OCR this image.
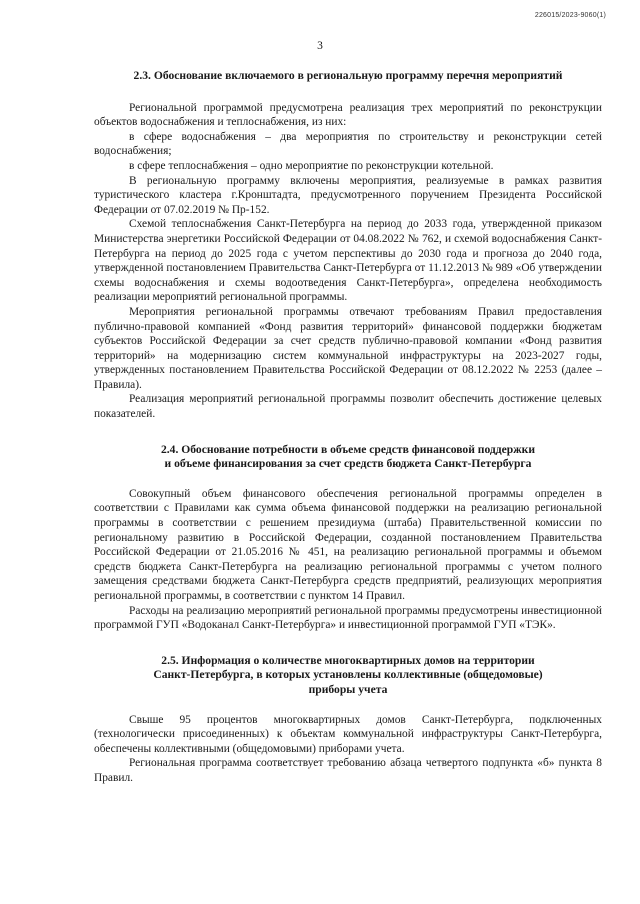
226015/2023-9060(1)
3
2.3. Обоснование включаемого в региональную программу перечня мероприятий

Региональной программой предусмотрена реализация трех мероприятий по реконструкции объектов водоснабжения и теплоснабжения, из них:

в сфере водоснабжения – два мероприятия по строительству и реконструкции сетей водоснабжения;

в сфере теплоснабжения – одно мероприятие по реконструкции котельной.

В региональную программу включены мероприятия, реализуемые в рамках развития туристического кластера г.Кронштадта, предусмотренного поручением Президента Российской Федерации от 07.02.2019 № Пр-152.

Схемой теплоснабжения Санкт-Петербурга на период до 2033 года, утвержденной приказом Министерства энергетики Российской Федерации от 04.08.2022 № 762, и схемой водоснабжения Санкт-Петербурга на период до 2025 года с учетом перспективы до 2030 года и прогноза до 2040 года, утвержденной постановлением Правительства Санкт-Петербурга от 11.12.2013 № 989 «Об утверждении схемы водоснабжения и схемы водоотведения Санкт-Петербурга», определена необходимость реализации мероприятий региональной программы.

Мероприятия региональной программы отвечают требованиям Правил предоставления публично-правовой компанией «Фонд развития территорий» финансовой поддержки бюджетам субъектов Российской Федерации за счет средств публично-правовой компании «Фонд развития территорий» на модернизацию систем коммунальной инфраструктуры на 2023-2027 годы, утвержденных постановлением Правительства Российской Федерации от 08.12.2022 № 2253 (далее – Правила).

Реализация мероприятий региональной программы позволит обеспечить достижение целевых показателей.

2.4. Обоснование потребности в объеме средств финансовой поддержки
и объеме финансирования за счет средств бюджета Санкт-Петербурга

Совокупный объем финансового обеспечения региональной программы определен в соответствии с Правилами как сумма объема финансовой поддержки на реализацию региональной программы в соответствии с решением президиума (штаба) Правительственной комиссии по региональному развитию в Российской Федерации, созданной постановлением Правительства Российской Федерации от 21.05.2016 № 451, на реализацию региональной программы и объемом средств бюджета Санкт-Петербурга на реализацию региональной программы с учетом полного замещения средствами бюджета Санкт-Петербурга средств предприятий, реализующих мероприятия региональной программы, в соответствии с пунктом 14 Правил.

Расходы на реализацию мероприятий региональной программы предусмотрены инвестиционной программой ГУП «Водоканал Санкт-Петербурга» и инвестиционной программой ГУП «ТЭК».

2.5. Информация о количестве многоквартирных домов на территории
Санкт-Петербурга, в которых установлены коллективные (общедомовые)
приборы учета

Свыше 95 процентов многоквартирных домов Санкт-Петербурга, подключенных (технологически присоединенных) к объектам коммунальной инфраструктуры Санкт-Петербурга, обеспечены коллективными (общедомовыми) приборами учета.

Региональная программа соответствует требованию абзаца четвертого подпункта «б» пункта 8 Правил.
